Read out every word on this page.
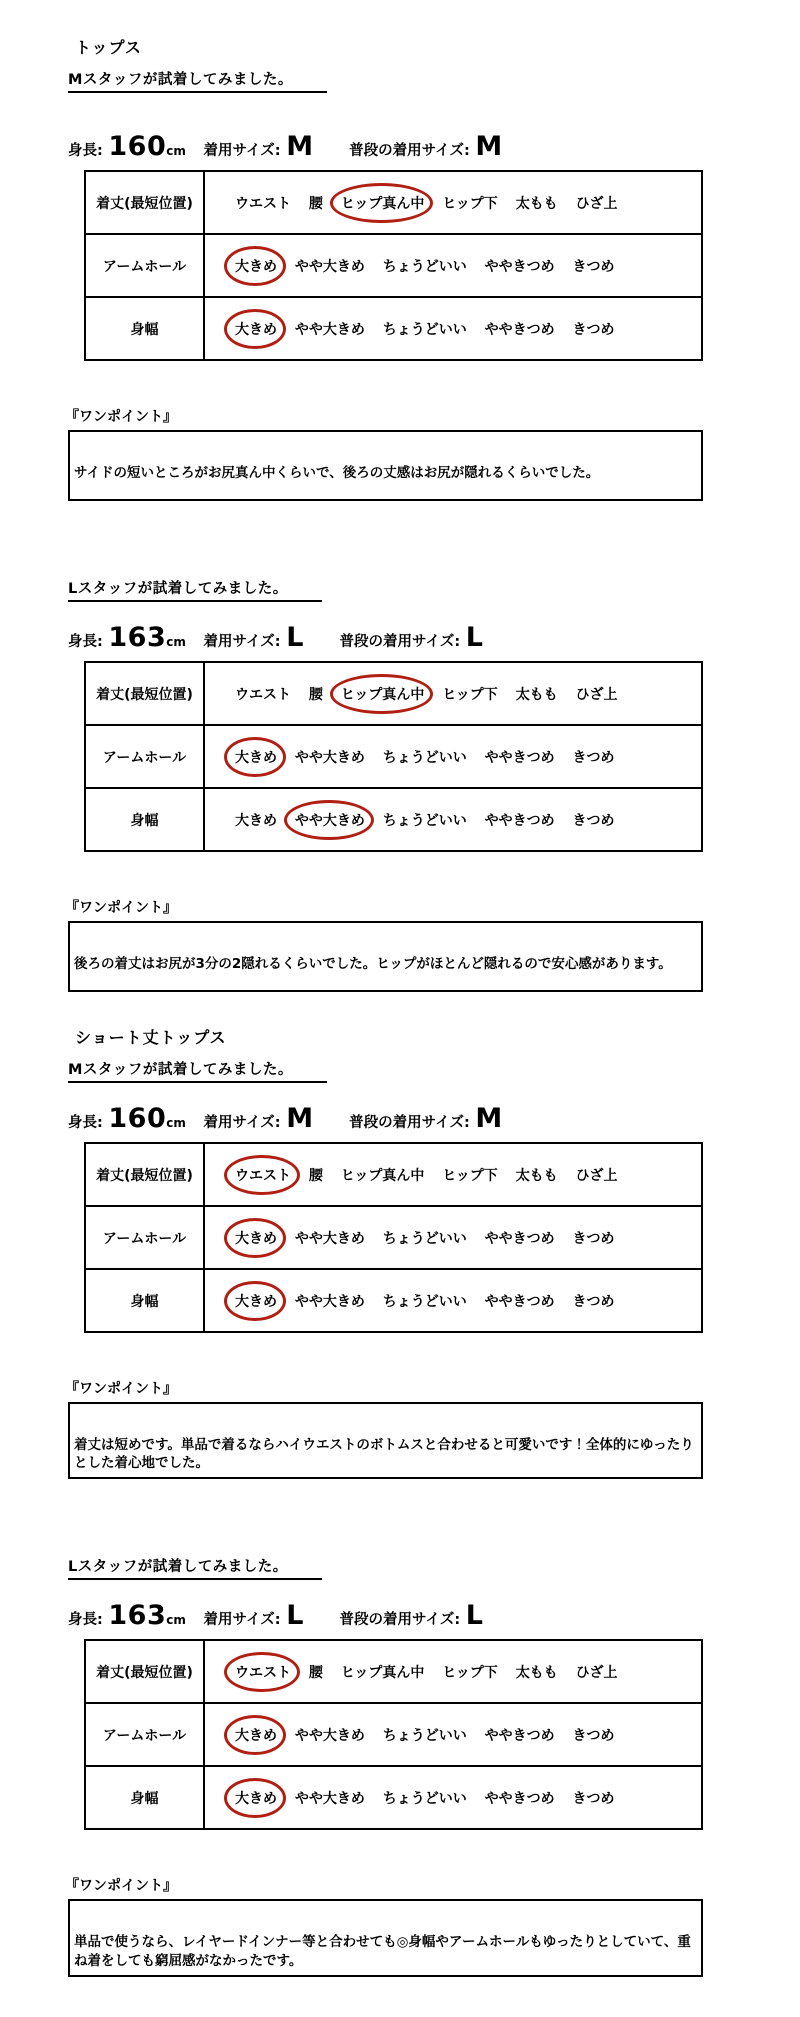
トップス
Mスタッフが試着してみました。
身長: 160cm 着用サイズ: M 普段の着用サイズ: M
着丈(最短位置)	ウエスト 腰 ヒップ真ん中 ヒップ下 太もも ひざ上
アームホール	大きめ やや大きめ ちょうどいい ややきつめ きつめ
身幅	大きめ やや大きめ ちょうどいい ややきつめ きつめ
『ワンポイント』

サイドの短いところがお尻真ん中くらいで、後ろの丈感はお尻が隠れるくらいでした。

Lスタッフが試着してみました。
身長: 163cm 着用サイズ: L 普段の着用サイズ: L
着丈(最短位置)	ウエスト 腰 ヒップ真ん中 ヒップ下 太もも ひざ上
アームホール	大きめ やや大きめ ちょうどいい ややきつめ きつめ
身幅	大きめ やや大きめ ちょうどいい ややきつめ きつめ
『ワンポイント』

後ろの着丈はお尻が3分の2隠れるくらいでした。ヒップがほとんど隠れるので安心感があります。

ショート丈トップス
Mスタッフが試着してみました。
身長: 160cm 着用サイズ: M 普段の着用サイズ: M
着丈(最短位置)	ウエスト 腰 ヒップ真ん中 ヒップ下 太もも ひざ上
アームホール	大きめ やや大きめ ちょうどいい ややきつめ きつめ
身幅	大きめ やや大きめ ちょうどいい ややきつめ きつめ
『ワンポイント』

着丈は短めです。単品で着るならハイウエストのボトムスと合わせると可愛いです！全体的にゆったりとした着心地でした。

Lスタッフが試着してみました。
身長: 163cm 着用サイズ: L 普段の着用サイズ: L
着丈(最短位置)	ウエスト 腰 ヒップ真ん中 ヒップ下 太もも ひざ上
アームホール	大きめ やや大きめ ちょうどいい ややきつめ きつめ
身幅	大きめ やや大きめ ちょうどいい ややきつめ きつめ
『ワンポイント』

単品で使うなら、レイヤードインナー等と合わせても◎身幅やアームホールもゆったりとしていて、重ね着をしても窮屈感がなかったです。
